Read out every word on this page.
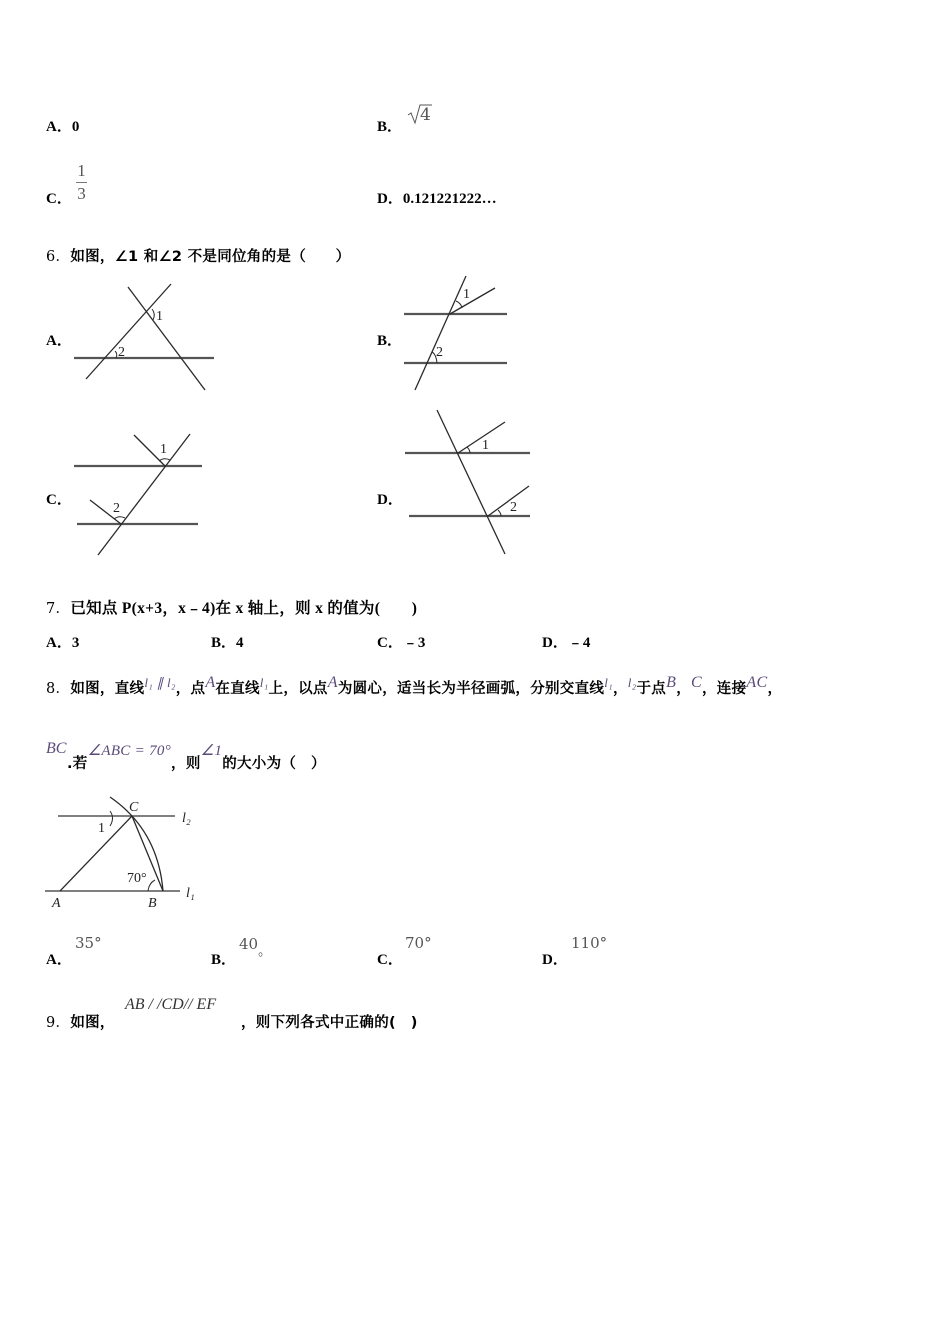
A．0	B．
4
C． $\frac{1}{3}$	D．0.121221222…
6．如图，∠1 和∠2 不是同位角的是（　　）
A．
1
2
B．
1
2
C．
1
2
D．
1
2
7．已知点 P(x+3，x﹣4)在 x 轴上，则 x 的值为(　　)
A．3	B．4	C．﹣3	D．﹣4
8．如图，直线l₁ ∥ l₂，点A在直线l₁上，以点A为圆心，适当长为半径画弧，分别交直线l₁，l₂于点B，C，连接AC，
BC
.若∠ABC = 70°，则∠1的大小为（　）
C
l₂
1
70°
l₁
A	B
A．
35°
B．
40。
C．
70°
D．
110°
9．如图，
AB / /CD// EF
，则下列各式中正确的(　)
